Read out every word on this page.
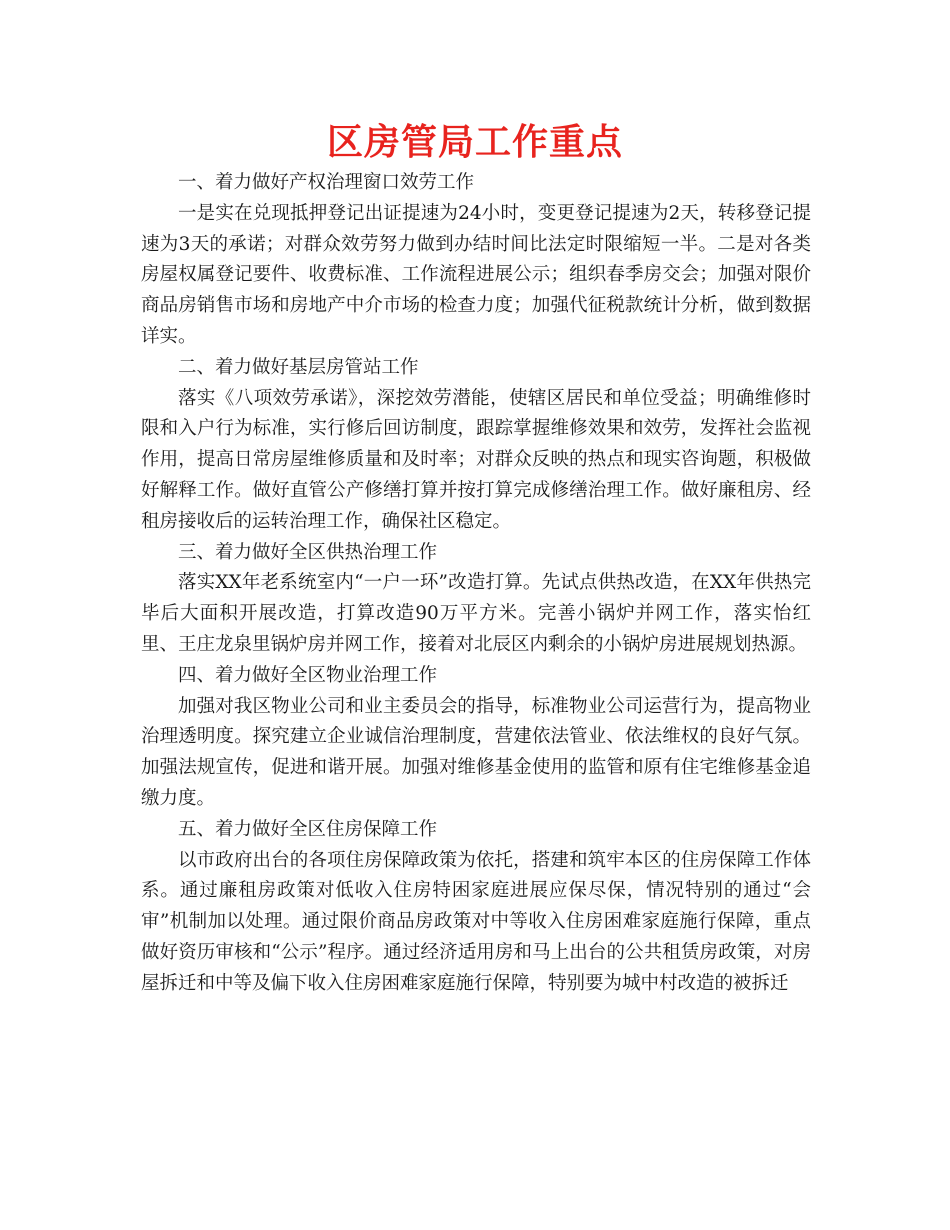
区房管局工作重点

一、着力做好产权治理窗口效劳工作

一是实在兑现抵押登记出证提速为24小时，变更登记提速为2天，转移登记提速为3天的承诺；对群众效劳努力做到办结时间比法定时限缩短一半。二是对各类房屋权属登记要件、收费标准、工作流程进展公示；组织春季房交会；加强对限价商品房销售市场和房地产中介市场的检查力度；加强代征税款统计分析，做到数据详实。

二、着力做好基层房管站工作

落实《八项效劳承诺》，深挖效劳潜能，使辖区居民和单位受益；明确维修时限和入户行为标准，实行修后回访制度，跟踪掌握维修效果和效劳，发挥社会监视作用，提高日常房屋维修质量和及时率；对群众反映的热点和现实咨询题，积极做好解释工作。做好直管公产修缮打算并按打算完成修缮治理工作。做好廉租房、经租房接收后的运转治理工作，确保社区稳定。

三、着力做好全区供热治理工作

落实XX年老系统室内“一户一环”改造打算。先试点供热改造，在XX年供热完毕后大面积开展改造，打算改造90万平方米。完善小锅炉并网工作，落实怡红里、王庄龙泉里锅炉房并网工作，接着对北辰区内剩余的小锅炉房进展规划热源。

四、着力做好全区物业治理工作

加强对我区物业公司和业主委员会的指导，标准物业公司运营行为，提高物业治理透明度。探究建立企业诚信治理制度，营建依法管业、依法维权的良好气氛。加强法规宣传，促进和谐开展。加强对维修基金使用的监管和原有住宅维修基金追缴力度。

五、着力做好全区住房保障工作

以市政府出台的各项住房保障政策为依托，搭建和筑牢本区的住房保障工作体系。通过廉租房政策对低收入住房特困家庭进展应保尽保，情况特别的通过“会审”机制加以处理。通过限价商品房政策对中等收入住房困难家庭施行保障，重点做好资历审核和“公示”程序。通过经济适用房和马上出台的公共租赁房政策，对房屋拆迁和中等及偏下收入住房困难家庭施行保障，特别要为城中村改造的被拆迁
